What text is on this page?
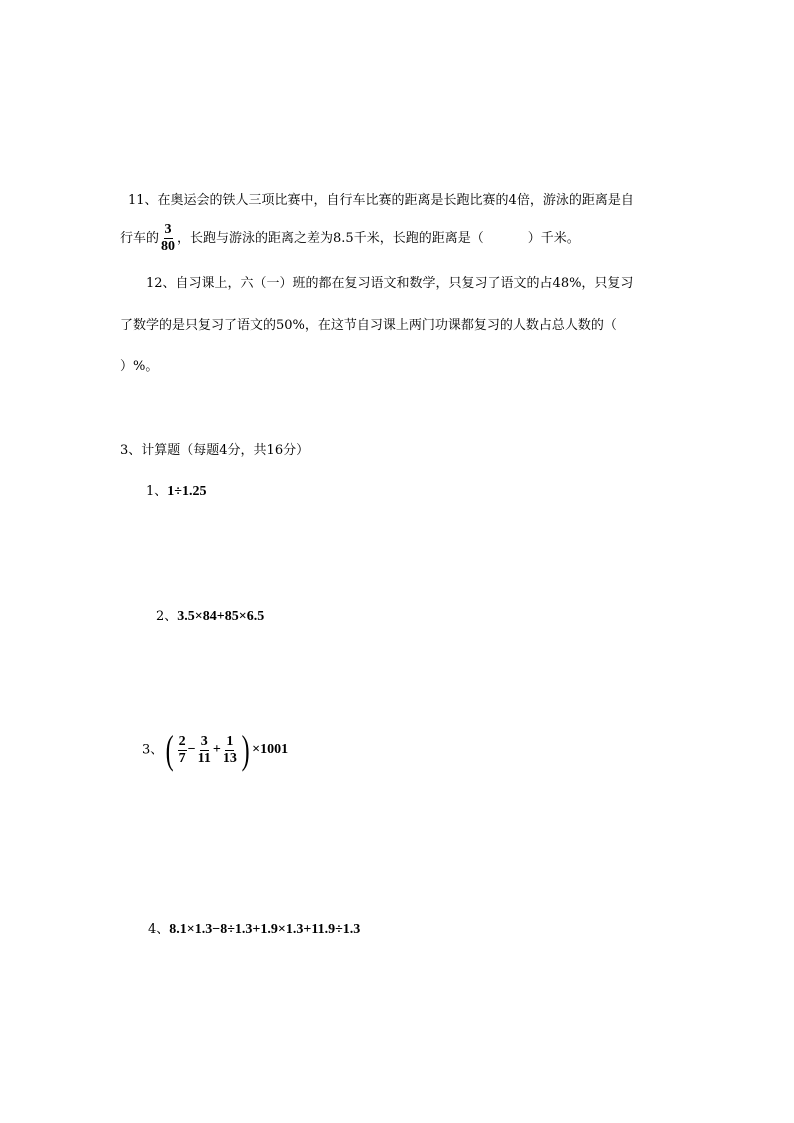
11、在奥运会的铁人三项比赛中，自行车比赛的距离是长跑比赛的4倍，游泳的距离是自
行车的 $\frac{3}{80}$ ，长跑与游泳的距离之差为8.5千米，长跑的距离是（	）千米。
12、自习课上，六（一）班的都在复习语文和数学，只复习了语文的占48%，只复习
了数学的是只复习了语文的50%，在这节自习课上两门功课都复习的人数占总人数的（
）%。
3、计算题（每题4分，共16分）
1、1÷1.25
2、3.5×84+85×6.5
3、 ( $\frac{2}{7} - \frac{3}{11} + \frac{1}{13}$ ) ×1001
4、8.1×1.3−8÷1.3+1.9×1.3+11.9÷1.3
